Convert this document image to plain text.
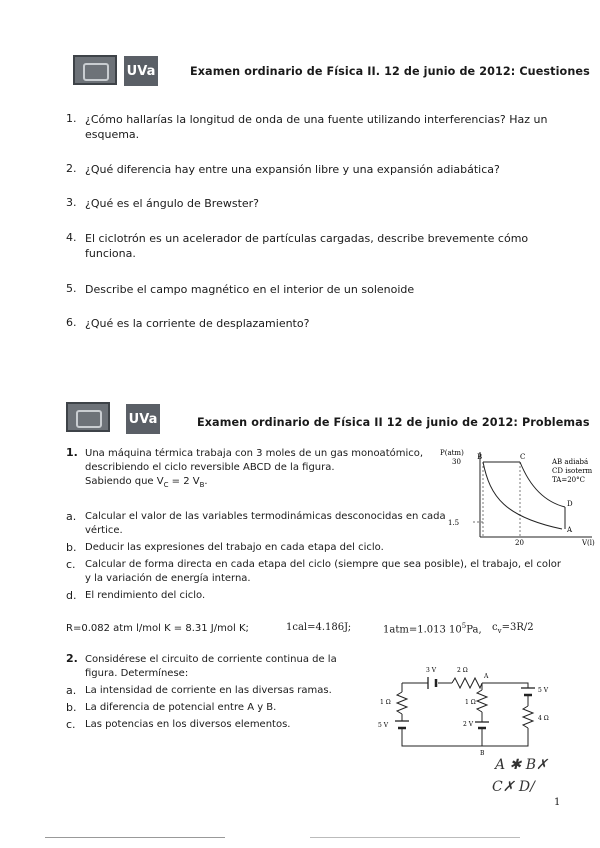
UVa	Examen ordinario de Física II. 12 de junio de 2012: Cuestiones
1. ¿Cómo hallarías la longitud de onda de una fuente utilizando interferencias? Haz un esquema.
2. ¿Qué diferencia hay entre una expansión libre y una expansión adiabática?
3. ¿Qué es el ángulo de Brewster?
4. El ciclotrón es un acelerador de partículas cargadas, describe brevemente cómo funciona.
5. Describe el campo magnético en el interior de un solenoide
6. ¿Qué es la corriente de desplazamiento?
UVa	Examen ordinario de Física II 12 de junio de 2012: Problemas
1. Una máquina térmica trabaja con 3 moles de un gas monoatómico,
describiendo el ciclo reversible ABCD de la figura.
Sabiendo que $V_C = 2$ $V_B$.
a. Calcular el valor de las variables termodinámicas desconocidas en cada vértice.
b. Deducir las expresiones del trabajo en cada etapa del ciclo.
c. Calcular de forma directa en cada etapa del ciclo (siempre que sea posible), el trabajo, el color y la variación de energía interna.
d. El rendimiento del ciclo.
P(atm)
30
1.5
20	V(l)
B	C
D
A
AB adiabá
CD isoterm
TA=20°C
R=0.082 atm l/mol K = 8.31 J/mol K;	1cal=4.186J;	1atm=1.013 $10^5Pa$, $c_v=3R/2$
2. Considérese el circuito de corriente continua de la
figura. Determínese:
a. La intensidad de corriente en las diversas ramas.
b. La diferencia de potencial entre A y B.
c. Las potencias en los diversos elementos.
3 V	2 Ω
A
5 V
4 Ω
1 Ω
5 V
1 Ω
2 V
B
A ✱ B✗
C✗ D/
1
